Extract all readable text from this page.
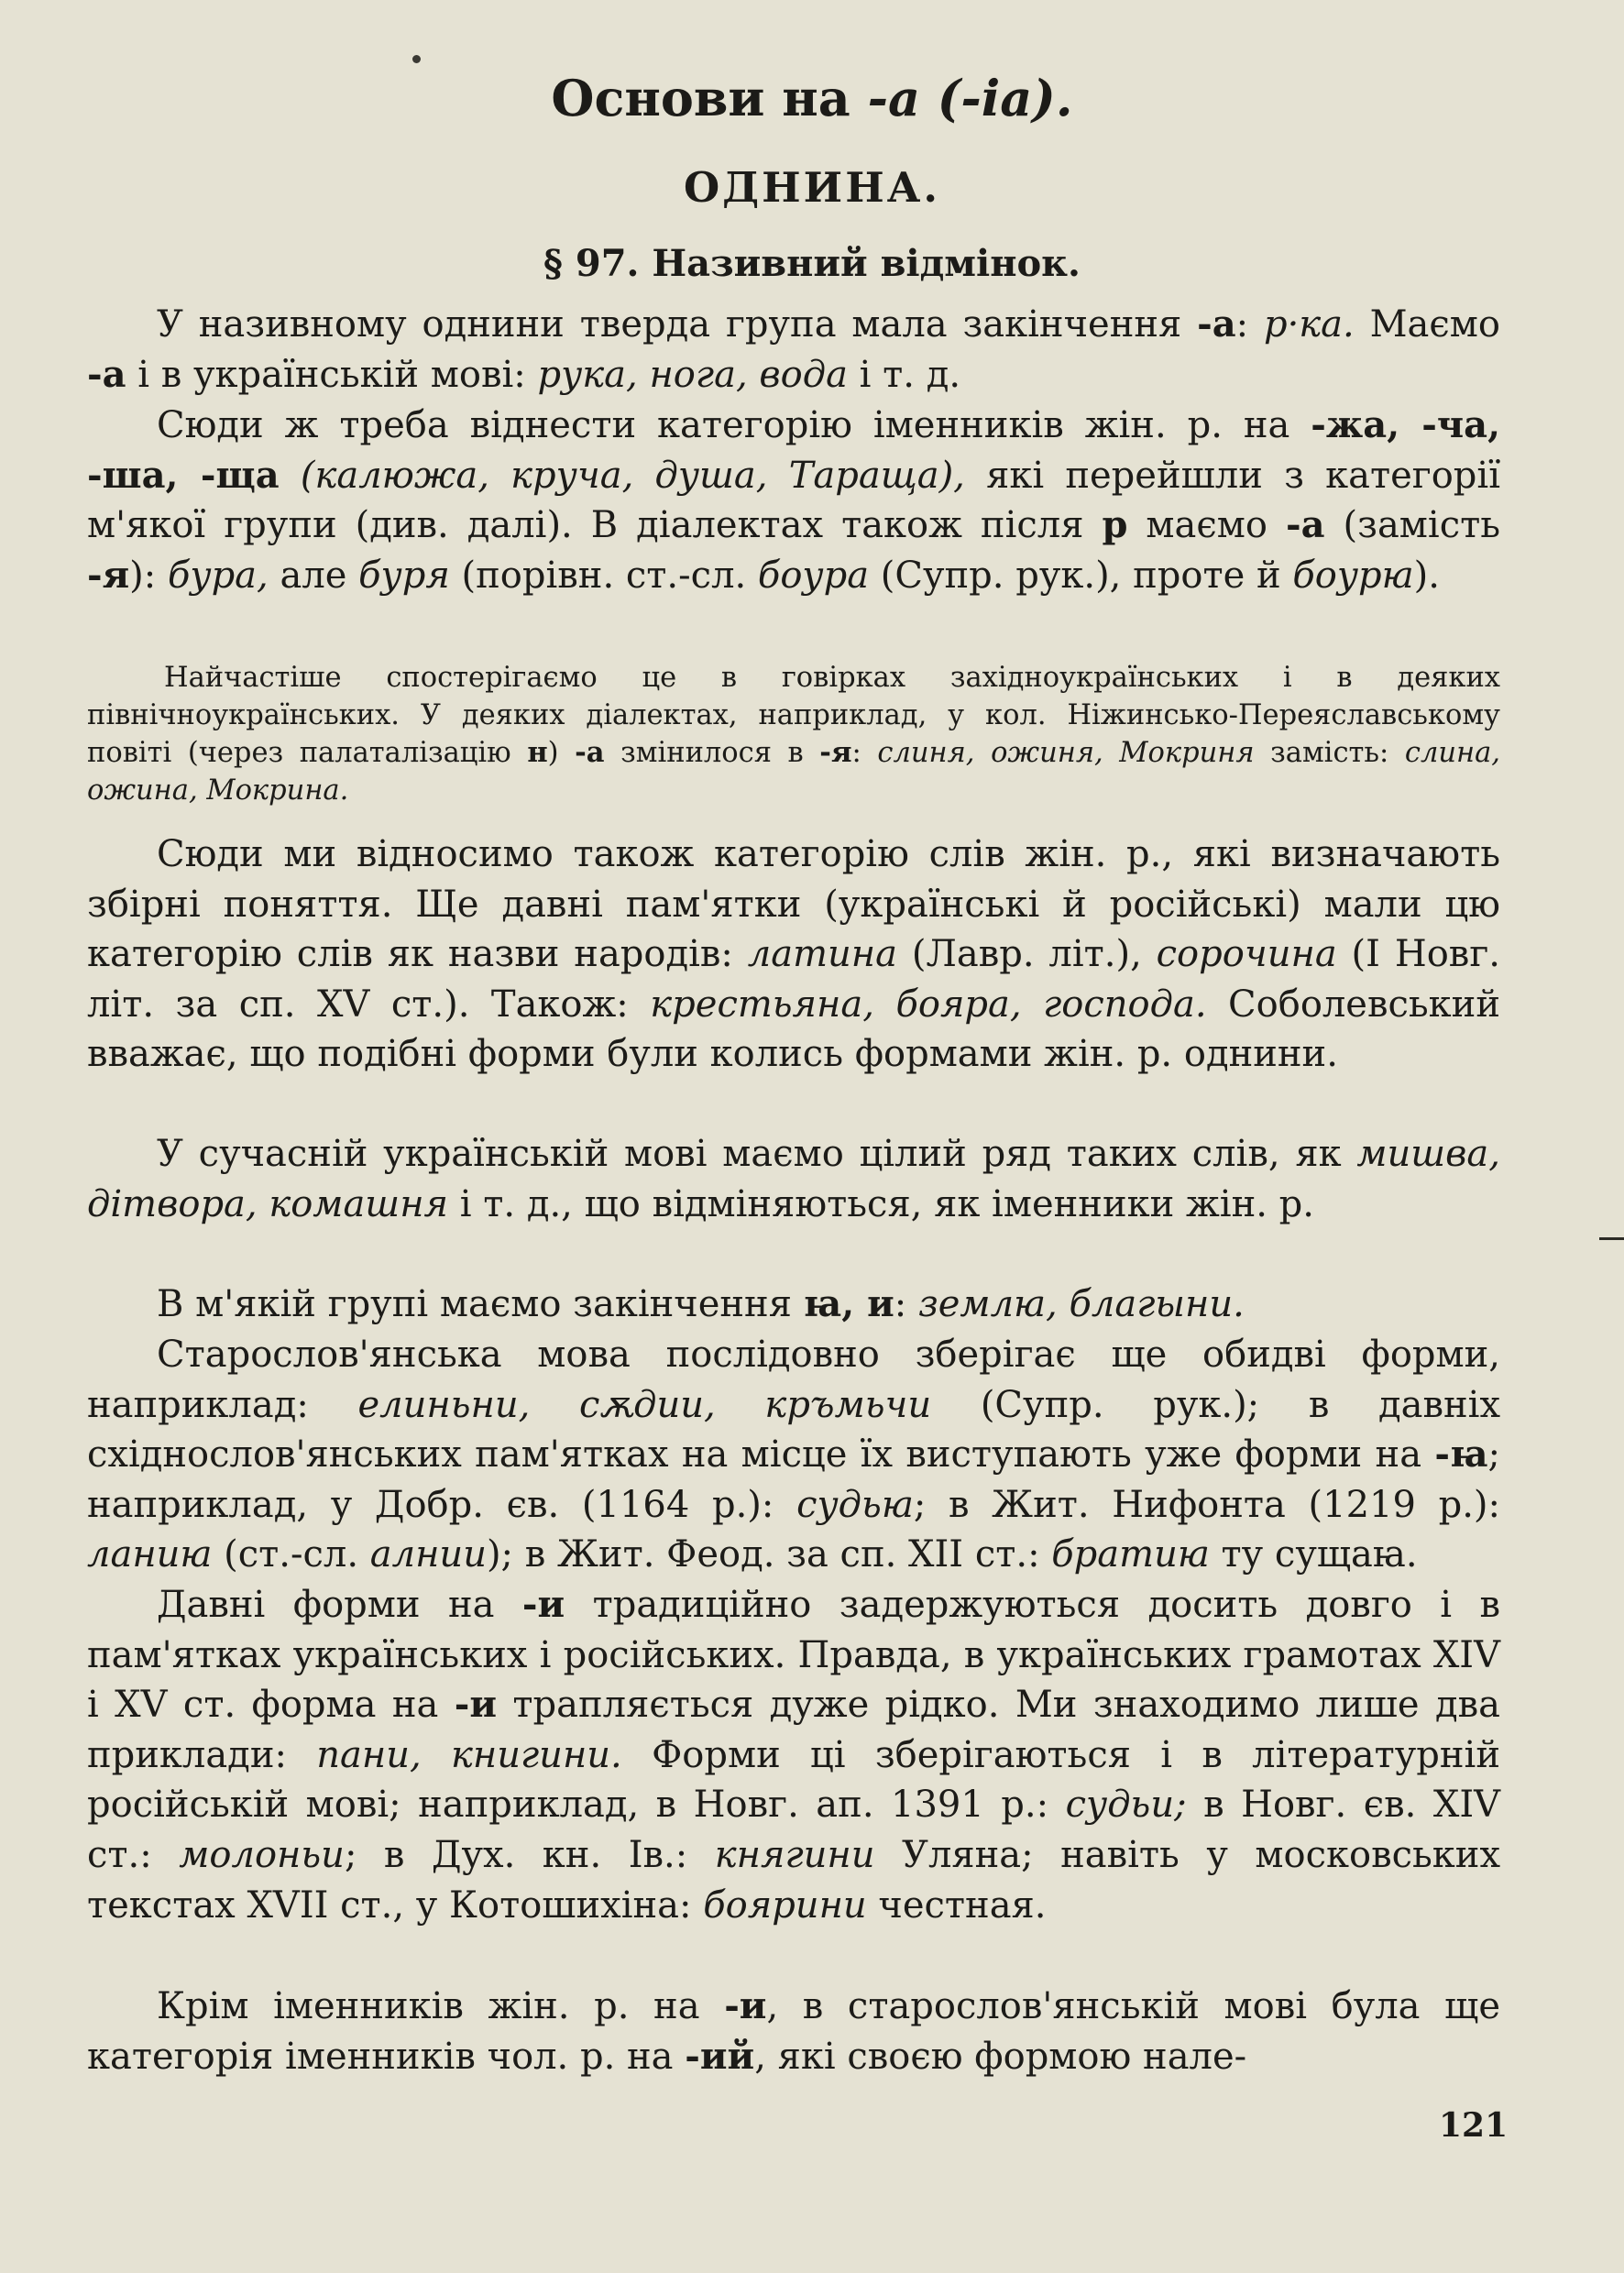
Основи на -а (-іа).
ОДНИНА.
§ 97. Називний відмінок.
У називному однини тверда група мала закінчення -а: р·ка. Маємо -а і в українській мові: рука, нога, вода і т. д.
Сюди ж треба віднести категорію іменників жін. р. на -жа, -ча, -ша, -ща (калюжа, круча, душа, Таращa), які перейшли з категорії м'якої групи (див. далі). В діалектах також після р маємо -а (замість -я): бура, але буря (порівн. ст.-сл. боура (Супр. рук.), проте й боурꙗ).
Найчастіше спостерігаємо це в говірках західноукраїнських і в деяких північноукраїнських. У деяких діалектах, наприклад, у кол. Ніжинсько-Переяславському повіті (через палаталізацію н) -а змінилося в -я: слиня, ожиня, Мокриня замість: слина, ожина, Мокрина.
Сюди ми відносимо також категорію слів жін. р., які визначають збірні поняття. Ще давні пам'ятки (українські й російські) мали цю категорію слів як назви народів: латина (Лавр. літ.), сорочина (І Новг. літ. за сп. XV ст.). Також: крестьяна, бояра, господа. Соболевський вважає, що подібні форми були колись формами жін. р. однини.
У сучасній українській мові маємо цілий ряд таких слів, як мишва, дітвора, комашня і т. д., що відміняються, як іменники жін. р.
В м'якій групі маємо закінчення ꙗ, и: землꙗ, благыни.
Старослов'янська мова послідовно зберігає ще обидві форми, наприклад: елиньни, сѫдии, кръмьчи (Супр. рук.); в давніх східнослов'янських пам'ятках на місце їх виступають уже форми на -ꙗ; наприклад, у Добр. єв. (1164 р.): судьꙗ; в Жит. Нифонта (1219 р.): ланиꙗ (ст.-сл. алнии); в Жит. Феод. за сп. XII ст.: братиꙗ ту сущаꙗ.
Давні форми на -и традиційно задержуються досить довго і в пам'ятках українських і російських. Правда, в українських грамотах XIV і XV ст. форма на -и трапляється дуже рідко. Ми знаходимо лише два приклади: пани, книгини. Форми ці зберігаються і в літературній російській мові; наприклад, в Новг. ап. 1391 р.: судьи; в Новг. єв. XIV ст.: молоньи; в Дух. кн. Ів.: княгини Уляна; навіть у московських текстах XVII ст., у Котошихіна: боярини честная.
Крім іменників жін. р. на -и, в старослов'янській мові була ще категорія іменників чол. р. на -ий, які своєю формою нале-
121
